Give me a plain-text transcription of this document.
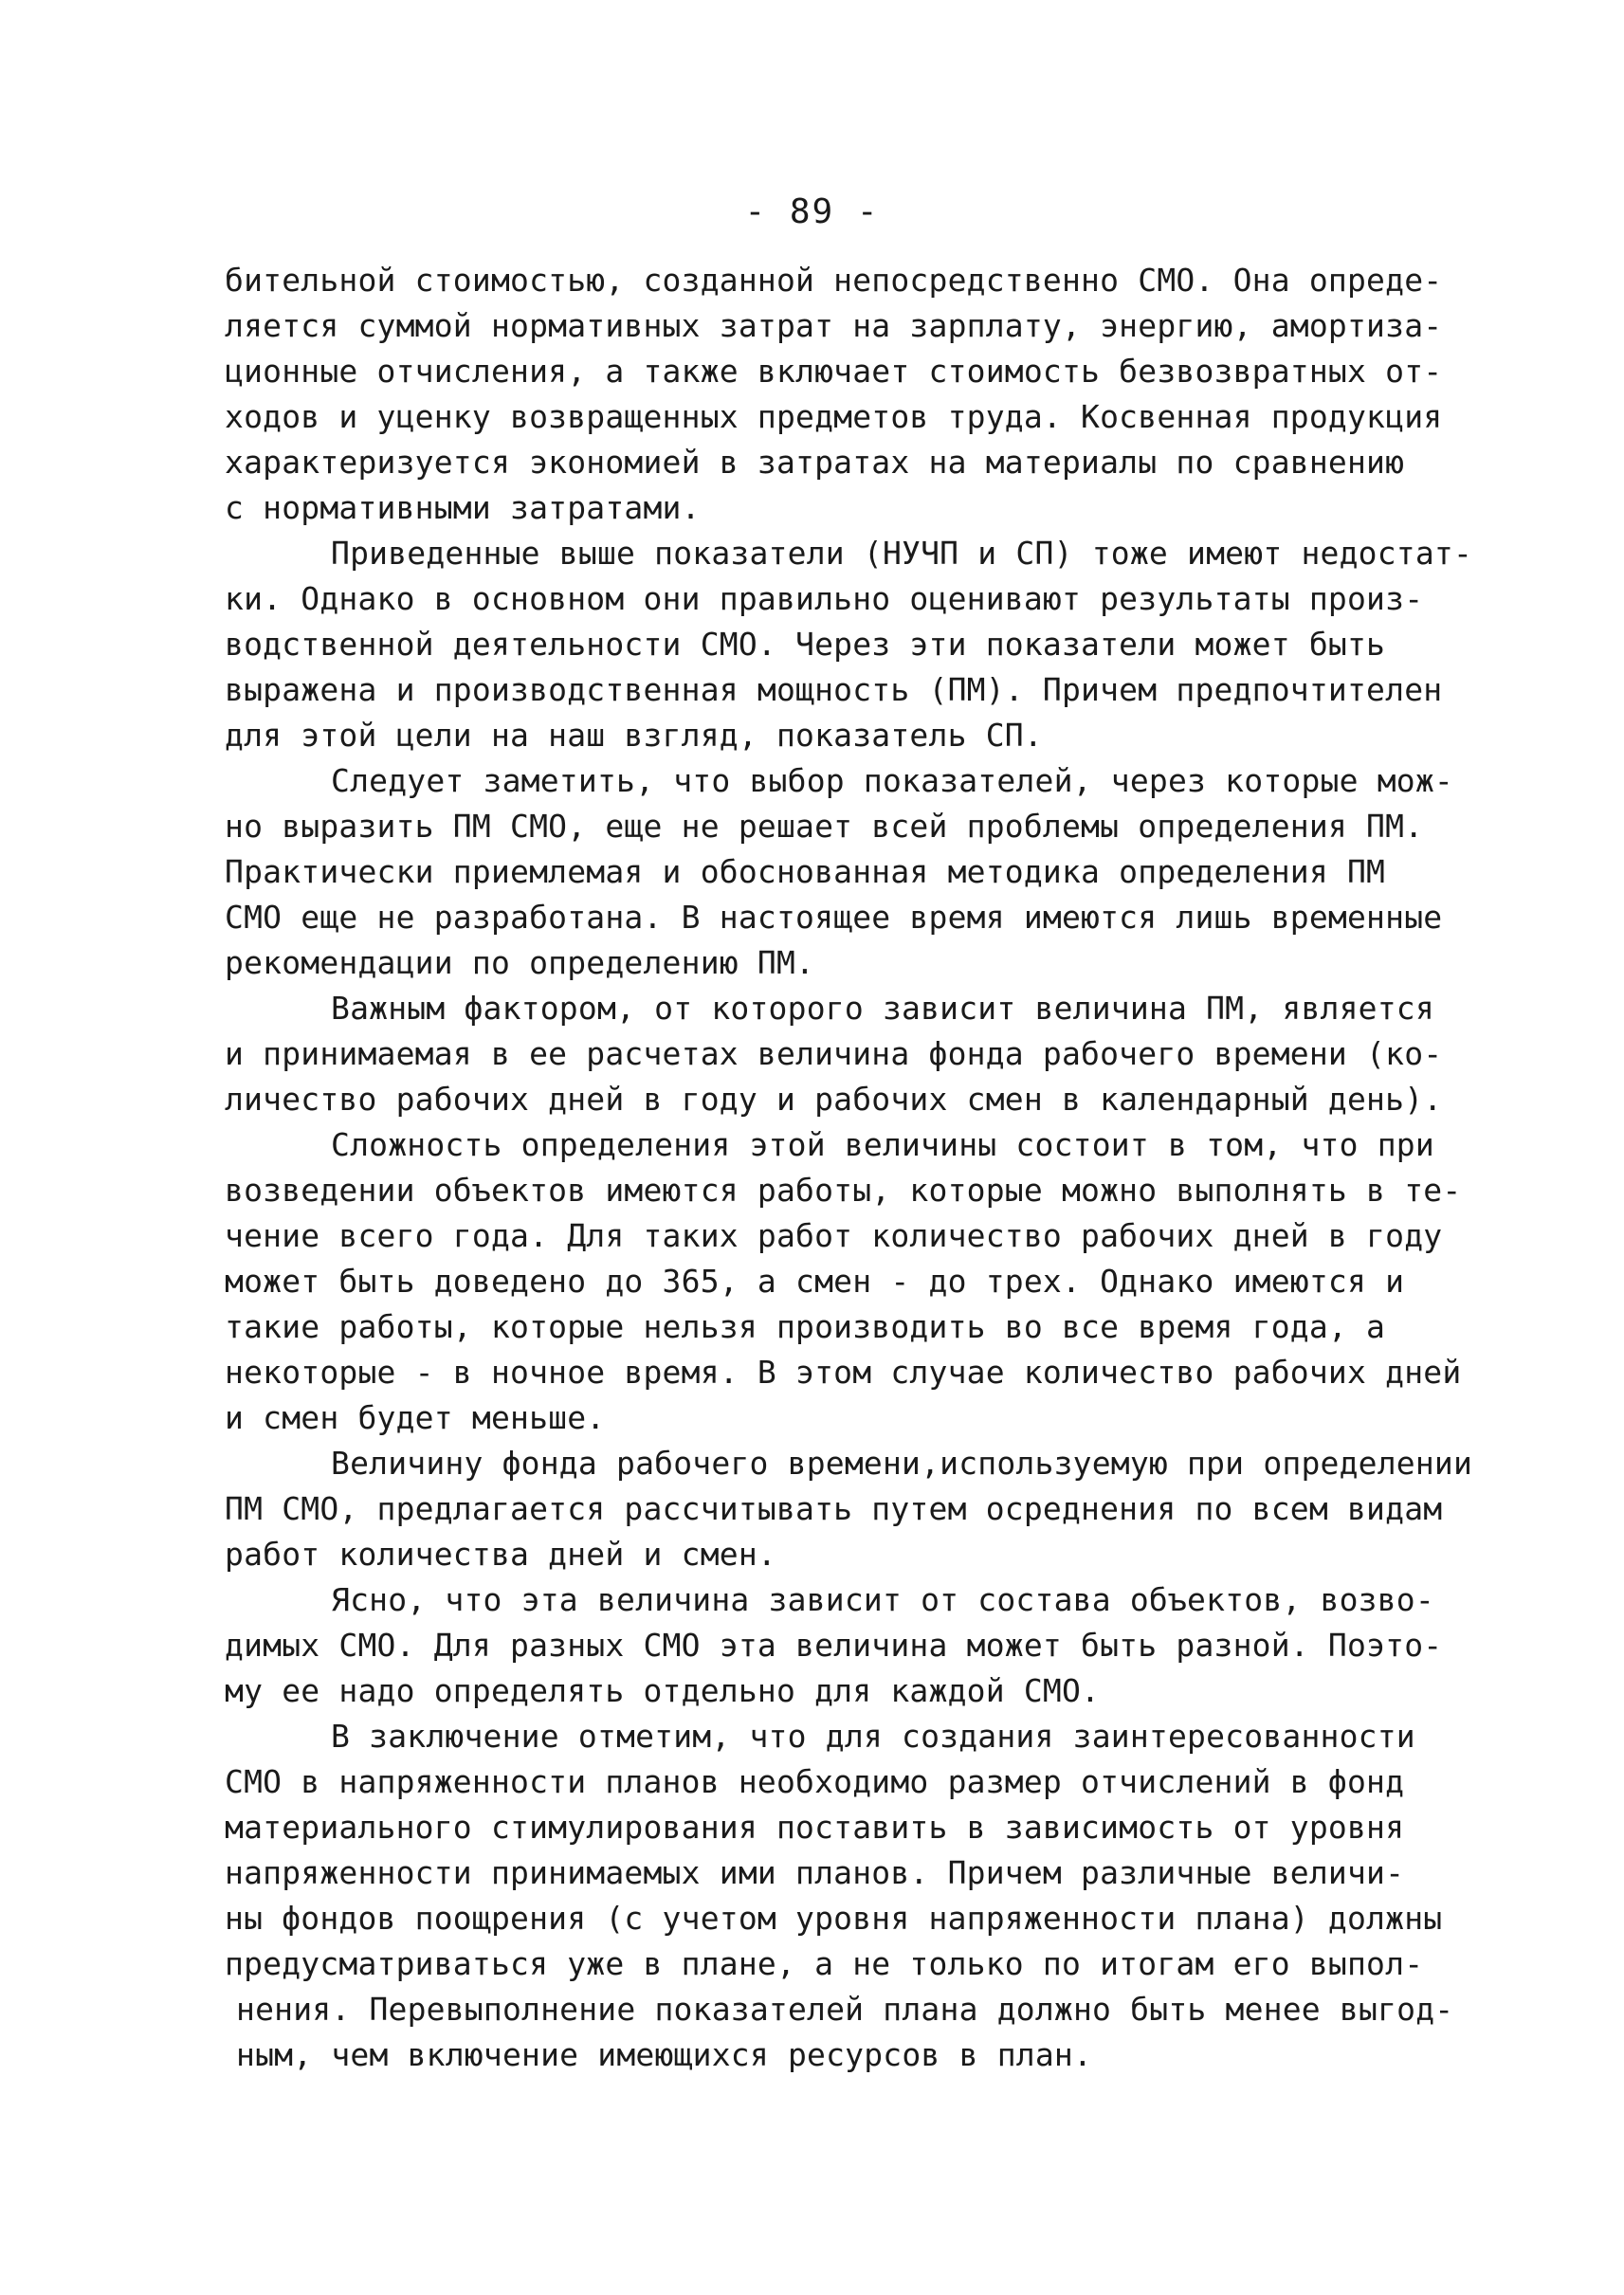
- 89 -
бительной стоимостью, созданной непосредственно СМО. Она опреде-
ляется суммой нормативных затрат на зарплату, энергию, амортиза-
ционные отчисления, а также включает стоимость безвозвратных от-
ходов и уценку возвращенных предметов труда. Косвенная продукция
характеризуется экономией в затратах на материалы по сравнению
с нормативными затратами.
Приведенные выше показатели (НУЧП и СП) тоже имеют недостат-
ки. Однако в основном они правильно оценивают результаты произ-
водственной деятельности СМО. Через эти показатели может быть
выражена и производственная мощность (ПМ). Причем предпочтителен
для этой цели на наш взгляд, показатель СП.
Следует заметить, что выбор показателей, через которые мож-
но выразить ПМ СМО, еще не решает всей проблемы определения ПМ.
Практически приемлемая и обоснованная методика определения ПМ
СМО еще не разработана. В настоящее время имеются лишь временные
рекомендации по определению ПМ.
Важным фактором, от которого зависит величина ПМ, является
и принимаемая в ее расчетах величина фонда рабочего времени (ко-
личество рабочих дней в году и рабочих смен в календарный день).
Сложность определения этой величины состоит в том, что при
возведении объектов имеются работы, которые можно выполнять в те-
чение всего года. Для таких работ количество рабочих дней в году
может быть доведено до 365, а смен - до трех. Однако имеются и
такие работы, которые нельзя производить во все время года, а
некоторые - в ночное время. В этом случае количество рабочих дней
и смен будет меньше.
Величину фонда рабочего времени,используемую при определении
ПМ СМО, предлагается рассчитывать путем осреднения по всем видам
работ количества дней и смен.
Ясно, что эта величина зависит от состава объектов, возво-
димых СМО. Для разных СМО эта величина может быть разной. Поэто-
му ее надо определять отдельно для каждой СМО.
В заключение отметим, что для создания заинтересованности
СМО в напряженности планов необходимо размер отчислений в фонд
материального стимулирования поставить в зависимость от уровня
напряженности принимаемых ими планов. Причем различные величи-
ны фондов поощрения (с учетом уровня напряженности плана) должны
предусматриваться уже в плане, а не только по итогам его выпол-
нения. Перевыполнение показателей плана должно быть менее выгод-
ным, чем включение имеющихся ресурсов в план.
